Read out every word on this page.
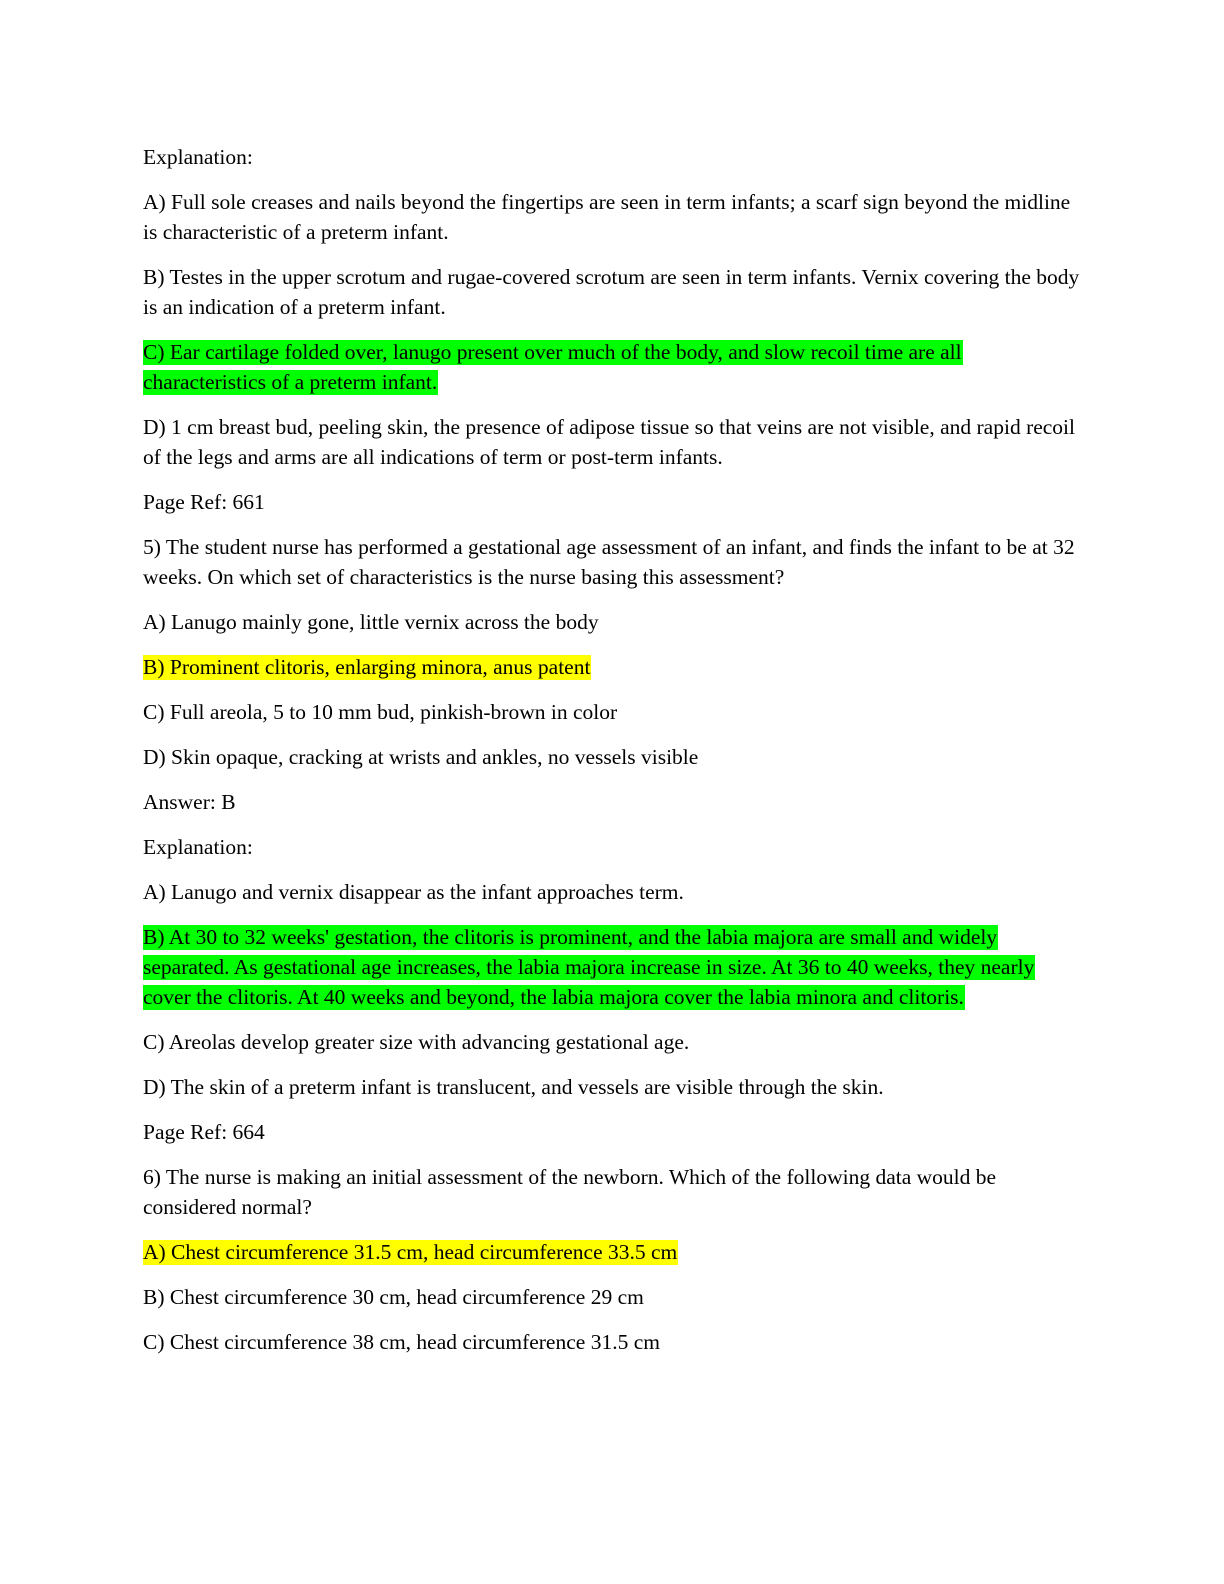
Explanation:

A) Full sole creases and nails beyond the fingertips are seen in term infants; a scarf sign beyond the midline is characteristic of a preterm infant.

B) Testes in the upper scrotum and rugae-covered scrotum are seen in term infants. Vernix covering the body is an indication of a preterm infant.

C) Ear cartilage folded over, lanugo present over much of the body, and slow recoil time are all characteristics of a preterm infant.

D) 1 cm breast bud, peeling skin, the presence of adipose tissue so that veins are not visible, and rapid recoil of the legs and arms are all indications of term or post-term infants.

Page Ref: 661

5) The student nurse has performed a gestational age assessment of an infant, and finds the infant to be at 32 weeks. On which set of characteristics is the nurse basing this assessment?

A) Lanugo mainly gone, little vernix across the body

B) Prominent clitoris, enlarging minora, anus patent

C) Full areola, 5 to 10 mm bud, pinkish-brown in color

D) Skin opaque, cracking at wrists and ankles, no vessels visible

Answer: B

Explanation:

A) Lanugo and vernix disappear as the infant approaches term.

B) At 30 to 32 weeks' gestation, the clitoris is prominent, and the labia majora are small and widely separated. As gestational age increases, the labia majora increase in size. At 36 to 40 weeks, they nearly cover the clitoris. At 40 weeks and beyond, the labia majora cover the labia minora and clitoris.

C) Areolas develop greater size with advancing gestational age.

D) The skin of a preterm infant is translucent, and vessels are visible through the skin.

Page Ref: 664

6) The nurse is making an initial assessment of the newborn. Which of the following data would be considered normal?

A) Chest circumference 31.5 cm, head circumference 33.5 cm

B) Chest circumference 30 cm, head circumference 29 cm

C) Chest circumference 38 cm, head circumference 31.5 cm
